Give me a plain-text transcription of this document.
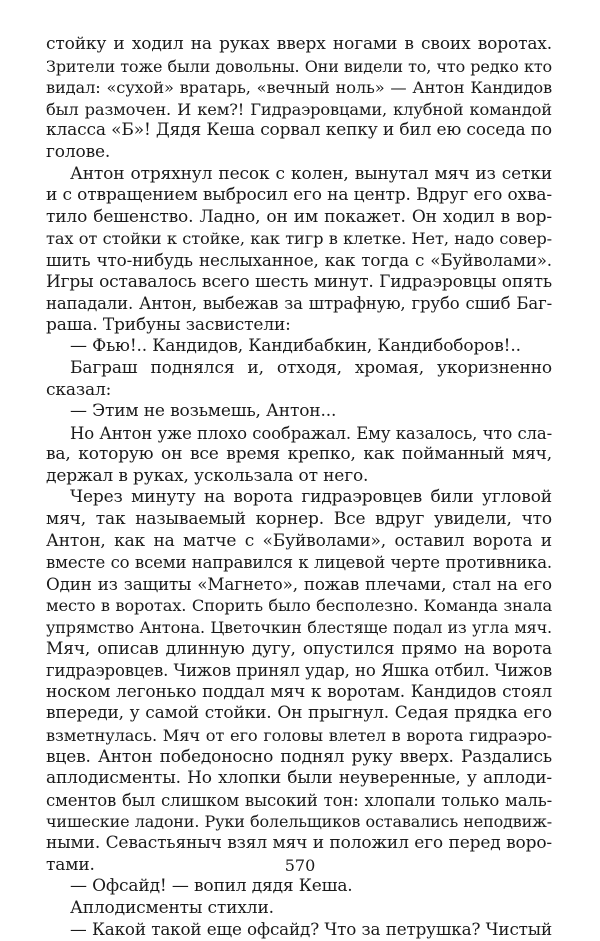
стойку и ходил на руках вверх ногами в своих воротах.
Зрители тоже были довольны. Они видели то, что редко кто
видал: «сухой» вратарь, «вечный ноль» — Антон Кандидов
был размочен. И кем?! Гидраэровцами, клубной командой
класса «Б»! Дядя Кеша сорвал кепку и бил ею соседа по
голове.
Антон отряхнул песок с колен, вынутал мяч из сетки
и с отвращением выбросил его на центр. Вдруг его охва-
тило бешенство. Ладно, он им покажет. Он ходил в вор-
тах от стойки к стойке, как тигр в клетке. Нет, надо совер-
шить что-нибудь неслыханное, как тогда с «Буйволами».
Игры оставалось всего шесть минут. Гидраэровцы опять
нападали. Антон, выбежав за штрафную, грубо сшиб Баг-
раша. Трибуны засвистели:
— Фью!.. Кандидов, Кандибабкин, Кандибоборов!..
Баграш поднялся и, отходя, хромая, укоризненно
сказал:
— Этим не возьмешь, Антон...
Но Антон уже плохо соображал. Ему казалось, что сла-
ва, которую он все время крепко, как пойманный мяч,
держал в руках, ускользала от него.
Через минуту на ворота гидраэровцев били угловой
мяч, так называемый корнер. Все вдруг увидели, что
Антон, как на матче с «Буйволами», оставил ворота и
вместе со всеми направился к лицевой черте противника.
Один из защиты «Магнето», пожав плечами, стал на его
место в воротах. Спорить было бесполезно. Команда знала
упрямство Антона. Цветочкин блестяще подал из угла мяч.
Мяч, описав длинную дугу, опустился прямо на ворота
гидраэровцев. Чижов принял удар, но Яшка отбил. Чижов
носком легонько поддал мяч к воротам. Кандидов стоял
впереди, у самой стойки. Он прыгнул. Седая прядка его
взметнулась. Мяч от его головы влетел в ворота гидраэро-
вцев. Антон победоносно поднял руку вверх. Раздались
аплодисменты. Но хлопки были неуверенные, у аплоди-
сментов был слишком высокий тон: хлопали только маль-
чишеские ладони. Руки болельщиков оставались неподвиж-
ными. Севастьяныч взял мяч и положил его перед воро-
тами.
— Офсайд! — вопил дядя Кеша.
Аплодисменты стихли.
— Какой такой еще офсайд? Что за петрушка? Чистый
570
